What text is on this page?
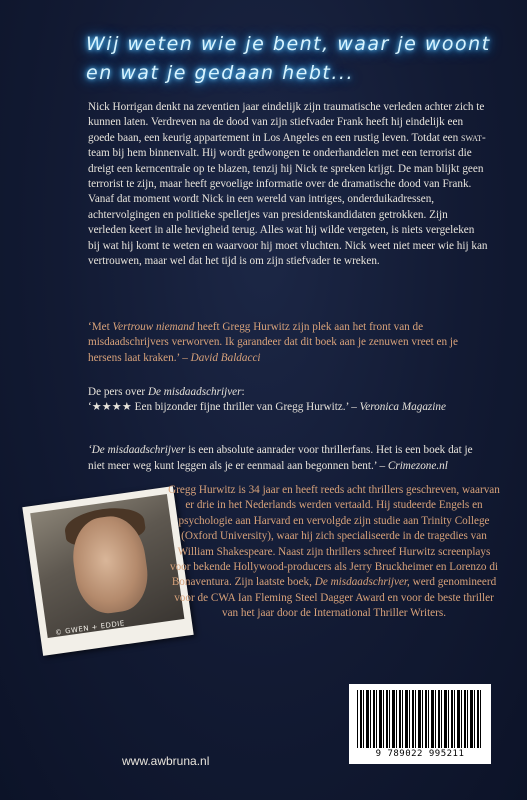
Wij weten wie je bent, waar je woont en wat je gedaan hebt...

Nick Horrigan denkt na zeventien jaar eindelijk zijn traumatische verleden achter zich te kunnen laten. Verdreven na de dood van zijn stiefvader Frank heeft hij eindelijk een goede baan, een keurig appartement in Los Angeles en een rustig leven. Totdat een swat-team bij hem binnenvalt. Hij wordt gedwongen te onderhandelen met een terrorist die dreigt een kerncentrale op te blazen, tenzij hij Nick te spreken krijgt. De man blijkt geen terrorist te zijn, maar heeft gevoelige informatie over de dramatische dood van Frank. Vanaf dat moment wordt Nick in een wereld van intriges, onderduikadressen, achtervolgingen en politieke spelletjes van presidentskandidaten getrokken. Zijn verleden keert in alle hevigheid terug. Alles wat hij wilde vergeten, is niets vergeleken bij wat hij komt te weten en waarvoor hij moet vluchten. Nick weet niet meer wie hij kan vertrouwen, maar wel dat het tijd is om zijn stiefvader te wreken.

‘Met Vertrouw niemand heeft Gregg Hurwitz zijn plek aan het front van de misdaadschrijvers verworven. Ik garandeer dat dit boek aan je zenuwen vreet en je hersens laat kraken.’ – David Baldacci

De pers over De misdaadschrijver:
‘★★★★ Een bijzonder fijne thriller van Gregg Hurwitz.’ – Veronica Magazine

‘De misdaadschrijver is een absolute aanrader voor thrillerfans. Het is een boek dat je niet meer weg kunt leggen als je er eenmaal aan begonnen bent.’ – Crimezone.nl

© GWEN + EDDIE

Gregg Hurwitz is 34 jaar en heeft reeds acht thrillers geschreven, waarvan er drie in het Nederlands werden vertaald. Hij studeerde Engels en psychologie aan Harvard en vervolgde zijn studie aan Trinity College (Oxford University), waar hij zich specialiseerde in de tragedies van William Shakespeare. Naast zijn thrillers schreef Hurwitz screenplays voor bekende Hollywood-producers als Jerry Bruckheimer en Lorenzo di Bonaventura. Zijn laatste boek, De misdaadschrijver, werd genomineerd voor de CWA Ian Fleming Steel Dagger Award en voor de beste thriller van het jaar door de International Thriller Writers.

9 789022 995211
www.awbruna.nl
